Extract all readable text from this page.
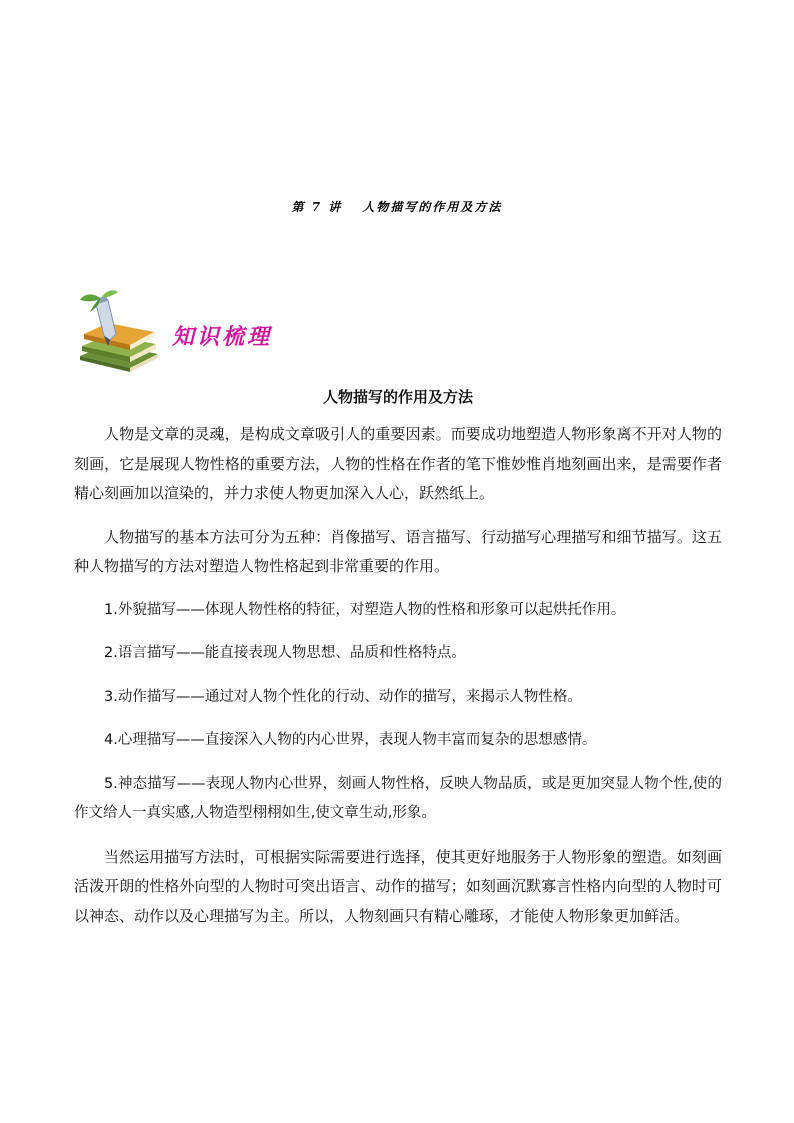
第 7 讲　 人物描写的作用及方法
知识梳理
人物描写的作用及方法

人物是文章的灵魂，是构成文章吸引人的重要因素。而要成功地塑造人物形象离不开对人物的刻画，它是展现人物性格的重要方法，人物的性格在作者的笔下惟妙惟肖地刻画出来，是需要作者精心刻画加以渲染的，并力求使人物更加深入人心，跃然纸上。

人物描写的基本方法可分为五种：肖像描写、语言描写、行动描写心理描写和细节描写。这五种人物描写的方法对塑造人物性格起到非常重要的作用。

1.外貌描写——体现人物性格的特征，对塑造人物的性格和形象可以起烘托作用。

2.语言描写——能直接表现人物思想、品质和性格特点。

3.动作描写——通过对人物个性化的行动、动作的描写，来揭示人物性格。

4.心理描写——直接深入人物的内心世界，表现人物丰富而复杂的思想感情。

5.神态描写——表现人物内心世界，刻画人物性格，反映人物品质，或是更加突显人物个性,使的作文给人一真实感,人物造型栩栩如生,使文章生动,形象。

当然运用描写方法时，可根据实际需要进行选择，使其更好地服务于人物形象的塑造。如刻画活泼开朗的性格外向型的人物时可突出语言、动作的描写；如刻画沉默寡言性格内向型的人物时可以神态、动作以及心理描写为主。所以，人物刻画只有精心雕琢，才能使人物形象更加鲜活。
